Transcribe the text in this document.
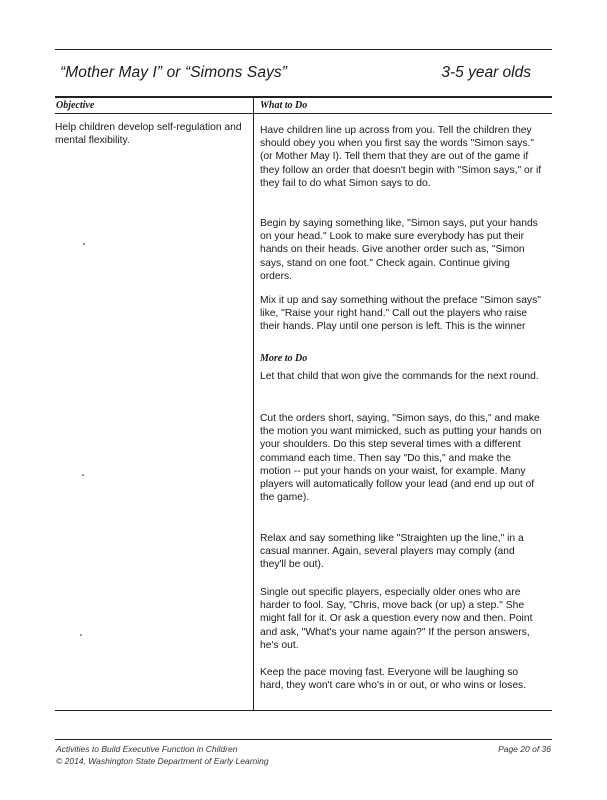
“Mother May I” or “Simons Says”	3-5 year olds
Objective
Help children develop self-regulation and mental flexibility.
What to Do
Have children line up across from you. Tell the children they should obey you when you first say the words "Simon says." (or Mother May I). Tell them that they are out of the game if they follow an order that doesn't begin with "Simon says," or if they fail to do what Simon says to do.
Begin by saying something like, "Simon says, put your hands on your head." Look to make sure everybody has put their hands on their heads. Give another order such as, "Simon says, stand on one foot." Check again. Continue giving orders.
Mix it up and say something without the preface "Simon says" like, "Raise your right hand." Call out the players who raise their hands. Play until one person is left. This is the winner
More to Do
Let that child that won give the commands for the next round.
Cut the orders short, saying, "Simon says, do this," and make the motion you want mimicked, such as putting your hands on your shoulders. Do this step several times with a different command each time. Then say "Do this," and make the motion -- put your hands on your waist, for example. Many players will automatically follow your lead (and end up out of the game).
Relax and say something like "Straighten up the line," in a casual manner. Again, several players may comply (and they'll be out).
Single out specific players, especially older ones who are harder to fool. Say, "Chris, move back (or up) a step." She might fall for it. Or ask a question every now and then. Point and ask, "What's your name again?" If the person answers, he's out.
Keep the pace moving fast. Everyone will be laughing so hard, they won't care who's in or out, or who wins or loses.
Activities to Build Executive Function in Children
© 2014, Washington State Department of Early Learning
Page 20 of 36
